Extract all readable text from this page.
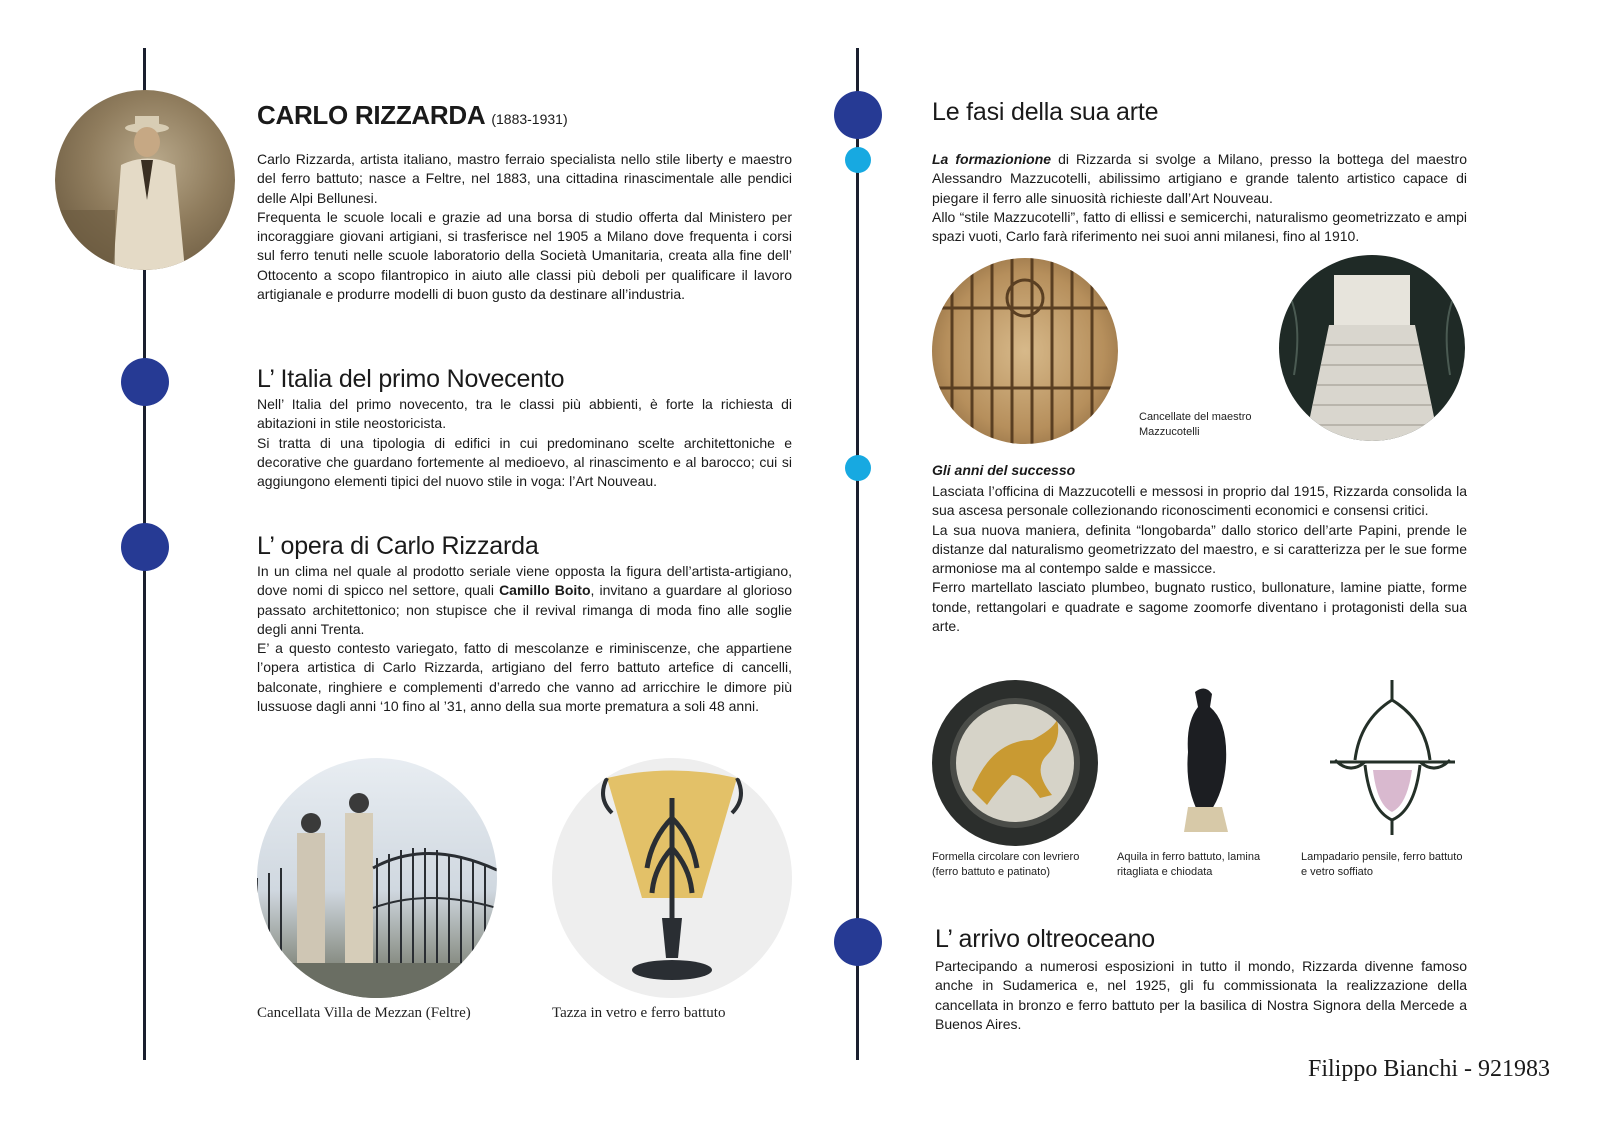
CARLO RIZZARDA (1883-1931)

Carlo Rizzarda, artista italiano, mastro ferraio specialista nello stile liberty e maestro del ferro battuto; nasce a Feltre, nel 1883, una cittadina rinascimentale alle pendici delle Alpi Bellunesi.

Frequenta le scuole locali e grazie ad una borsa di studio offerta dal Ministero per incoraggiare giovani artigiani, si trasferisce nel 1905 a Milano dove frequenta i corsi sul ferro tenuti nelle scuole laboratorio della Società Umanitaria, creata alla fine dell’ Ottocento a scopo filantropico in aiuto alle classi più deboli per qualificare il lavoro artigianale e produrre modelli di buon gusto da destinare all’industria.

L’ Italia del primo Novecento

Nell’ Italia del primo novecento, tra le classi più abbienti, è forte la richiesta di abitazioni in stile neostoricista.

Si tratta di una tipologia di edifici in cui predominano scelte architettoniche e decorative che guardano fortemente al medioevo, al rinascimento e al barocco; cui si aggiungono elementi tipici del nuovo stile in voga: l’Art Nouveau.

L’ opera di Carlo Rizzarda

In un clima nel quale al prodotto seriale viene opposta la figura dell’artista-artigiano, dove nomi di spicco nel settore, quali Camillo Boito, invitano a guardare al glorioso passato architettonico; non stupisce che il revival rimanga di moda fino alle soglie degli anni Trenta.

E’ a questo contesto variegato, fatto di mescolanze e riminiscenze, che appartiene l’opera artistica di Carlo Rizzarda, artigiano del ferro battuto artefice di cancelli, balconate, ringhiere e complementi d’arredo che vanno ad arricchire le dimore più lussuose dagli anni ‘10 fino al ’31, anno della sua morte prematura a soli 48 anni.

Cancellata Villa de Mezzan (Feltre)	Tazza in vetro e ferro battuto
Le fasi della sua arte

La formazionione di Rizzarda si svolge a Milano, presso la bottega del maestro Alessandro Mazzucotelli, abilissimo artigiano e grande talento artistico capace di piegare il ferro alle sinuosità richieste dall’Art Nouveau.

Allo “stile Mazzucotelli”, fatto di ellissi e semicerchi, naturalismo geometrizzato e ampi spazi vuoti, Carlo farà riferimento nei suoi anni milanesi, fino al 1910.

Cancellate del maestro Mazzucotelli
Gli anni del successo

Lasciata l’officina di Mazzucotelli e messosi in proprio dal 1915, Rizzarda consolida la sua ascesa personale collezionando riconoscimenti economici e consensi critici.

La sua nuova maniera, definita “longobarda” dallo storico dell’arte Papini, prende le distanze dal naturalismo geometrizzato del maestro, e si caratterizza per le sue forme armoniose ma al contempo salde e massicce.

Ferro martellato lasciato plumbeo, bugnato rustico, bullonature, lamine piatte, forme tonde, rettangolari e quadrate e sagome zoomorfe diventano i protagonisti della sua arte.

Formella circolare con levriero (ferro battuto e patinato)
Aquila in ferro battuto, lamina ritagliata e chiodata
Lampadario pensile, ferro battuto e vetro soffiato
L’ arrivo oltreoceano
Partecipando a numerosi esposizioni in tutto il mondo, Rizzarda divenne famoso anche in Sudamerica e, nel 1925, gli fu commissionata la realizzazione della cancellata in bronzo e ferro battuto per la basilica di Nostra Signora della Mercede a Buenos Aires.
Filippo Bianchi - 921983
